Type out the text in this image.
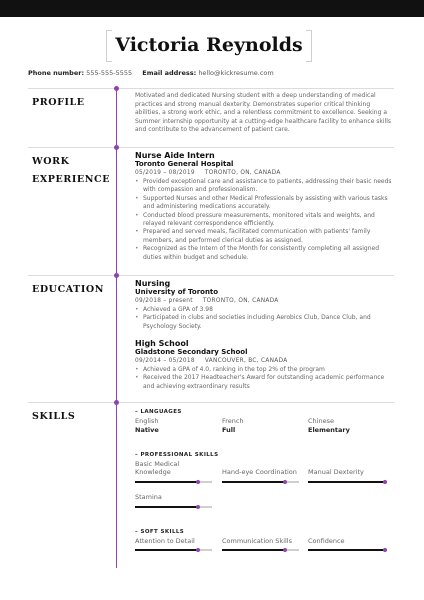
Victoria Reynolds
Phone number: 555-555-5555 Email address: hello@kickresume.com
PROFILE
Motivated and dedicated Nursing student with a deep understanding of medical practices and strong manual dexterity. Demonstrates superior critical thinking abilities, a strong work ethic, and a relentless commitment to excellence. Seeking a Summer internship opportunity at a cutting-edge healthcare facility to enhance skills and contribute to the advancement of patient care.
WORK
EXPERIENCE
Nurse Aide Intern
Toronto General Hospital
05/2019 – 08/2019 TORONTO, ON, CANADA
• Provided exceptional care and assistance to patients, addressing their basic needs with compassion and professionalism.
• Supported Nurses and other Medical Professionals by assisting with various tasks and administering medications accurately.
• Conducted blood pressure measurements, monitored vitals and weights, and relayed relevant correspondence efficiently.
• Prepared and served meals, facilitated communication with patients' family members, and performed clerical duties as assigned.
• Recognized as the Intern of the Month for consistently completing all assigned duties within budget and schedule.
EDUCATION
Nursing
University of Toronto
09/2018 – present TORONTO, ON, CANADA
• Achieved a GPA of 3.98
• Participated in clubs and societies including Aerobics Club, Dance Club, and Psychology Society.
High School
Gladstone Secondary School
09/2014 – 05/2018 VANCOUVER, BC, CANADA
• Achieved a GPA of 4.0, ranking in the top 2% of the program
• Received the 2017 Headteacher's Award for outstanding academic performance and achieving extraordinary results
SKILLS	– LANGUAGES
English
Native
French
Full
Chinese
Elementary
– PROFESSIONAL SKILLS
Basic Medical Knowledge	Hand-eye Coordination	Manual Dexterity
Stamina
– SOFT SKILLS
Attention to Detail	Communication Skills	Confidence
